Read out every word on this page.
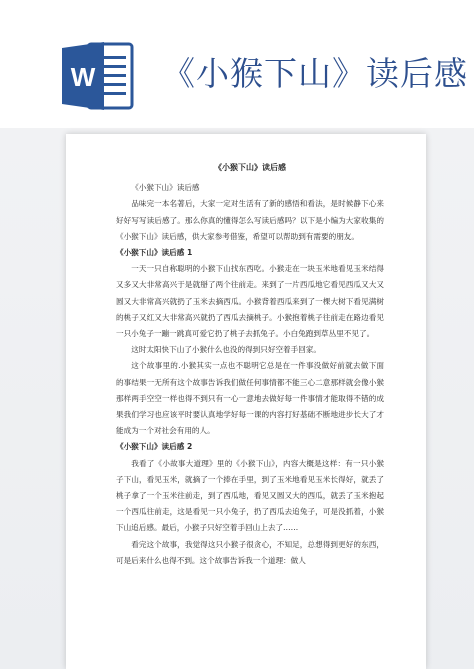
W 《小猴下山》读后感

《小猴下山》读后感

《小猴下山》读后感

品味完一本名著后，大家一定对生活有了新的感悟和看法，是时候静下心来好好写写读后感了。那么你真的懂得怎么写读后感吗？以下是小编为大家收集的《小猴下山》读后感，供大家参考借鉴，希望可以帮助到有需要的朋友。

《小猴下山》读后感 1

一天一只自称聪明的小猴下山找东西吃。小猴走在一块玉米地看见玉米结得又多又大非常高兴于是就掰了两个往前走。来到了一片西瓜地它看见西瓜又大又圆又大非常高兴就扔了玉米去摘西瓜。小猴背着西瓜来到了一棵大树下看见满树的桃子又红又大非常高兴就扔了西瓜去摘桃子。小猴抱着桃子往前走在路边看见一只小兔子一蹦一跳真可爱它扔了桃子去抓兔子。小白兔跑到草丛里不见了。

这时太阳快下山了小猴什么也没的得到只好空着手回家。

这个故事里的.小猴其实一点也不聪明它总是在一件事没做好前就去做下面的事结果一无所有这个故事告诉我们做任何事情都不能三心二意那样就会像小猴那样两手空空一样也得不到只有一心一意地去做好每一件事情才能取得不错的成果我们学习也应该平时要认真地学好每一课的内容打好基础不断地进步长大了才能成为一个对社会有用的人。

《小猴下山》读后感 2

我看了《小故事大道理》里的《小猴下山》，内容大概是这样：有一只小猴子下山，看见玉米，就摘了一个捧在手里，到了玉米地看见玉米长得好，就丢了桃子拿了一个玉米往前走，到了西瓜地，看见又圆又大的西瓜，就丢了玉米抱起一个西瓜往前走，这是看见一只小兔子，扔了西瓜去追兔子，可是没抓着，小猴下山追后感。最后，小猴子只好空着手回山上去了……

看完这个故事，我觉得这只小猴子很贪心，不知足，总想得到更好的东西，可是后来什么也得不到。这个故事告诉我一个道理：做人
